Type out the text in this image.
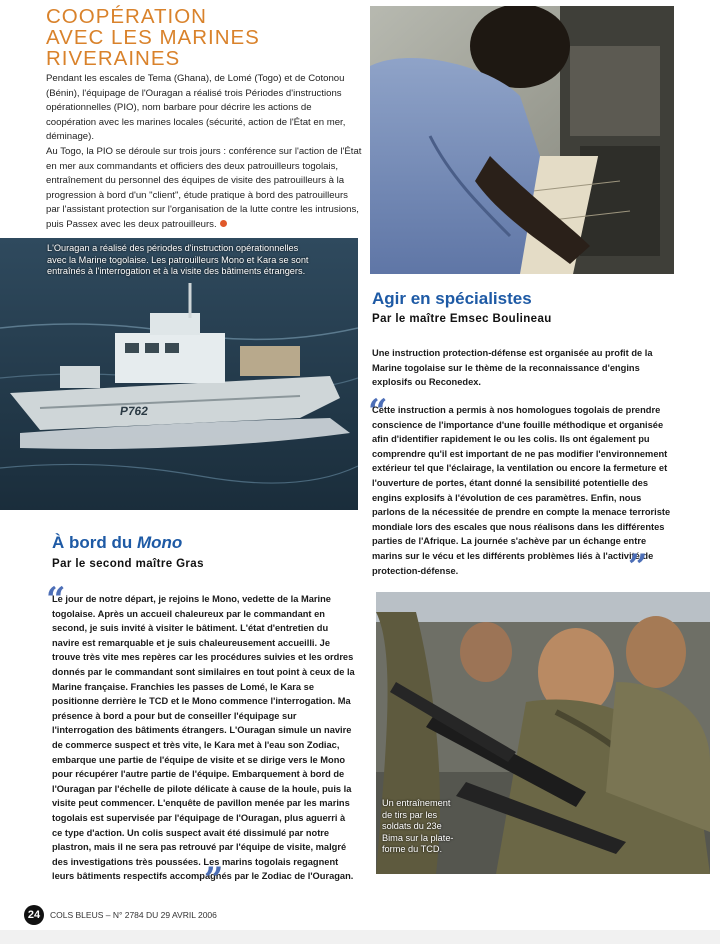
COOPÉRATION
AVEC LES MARINES
RIVERAINES

Pendant les escales de Tema (Ghana), de Lomé (Togo) et de Cotonou (Bénin), l'équipage de l'Ouragan a réalisé trois Périodes d'instructions opérationnelles (PIO), nom barbare pour décrire les actions de coopération avec les marines locales (sécurité, action de l'État en mer, déminage).

Au Togo, la PIO se déroule sur trois jours : conférence sur l'action de l'État en mer aux commandants et officiers des deux patrouilleurs togolais, entraînement du personnel des équipes de visite des patrouilleurs à la progression à bord d'un "client", étude pratique à bord des patrouilleurs par l'assistant protection sur l'organisation de la lutte contre les intrusions, puis Passex avec les deux patrouilleurs.

L'Ouragan a réalisé des périodes d'instruction opérationnelles avec la Marine togolaise. Les patrouilleurs Mono et Kara se sont entraînés à l'interrogation et à la visite des bâtiments étrangers.
P762
Agir en spécialistes
Par le maître Emsec Boulineau
Une instruction protection-défense est organisée au profit de la Marine togolaise sur le thème de la reconnaissance d'engins explosifs ou Reconedex.
“
Cette instruction a permis à nos homologues togolais de prendre conscience de l'importance d'une fouille méthodique et organisée afin d'identifier rapidement le ou les colis. Ils ont également pu comprendre qu'il est important de ne pas modifier l'environnement extérieur tel que l'éclairage, la ventilation ou encore la fermeture et l'ouverture de portes, étant donné la sensibilité potentielle des engins explosifs à l'évolution de ces paramètres. Enfin, nous parlons de la nécessitée de prendre en compte la menace terroriste mondiale lors des escales que nous réalisons dans les différentes parties de l'Afrique. La journée s'achève par un échange entre marins sur le vécu et les différents problèmes liés à l'activité de protection-défense.	”
À bord du Mono
Par le second maître Gras
“
Le jour de notre départ, je rejoins le Mono, vedette de la Marine togolaise. Après un accueil chaleureux par le commandant en second, je suis invité à visiter le bâtiment. L'état d'entretien du navire est remarquable et je suis chaleureusement accueilli. Je trouve très vite mes repères car les procédures suivies et les ordres donnés par le commandant sont similaires en tout point à ceux de la Marine française. Franchies les passes de Lomé, le Kara se positionne derrière le TCD et le Mono commence l'interrogation. Ma présence à bord a pour but de conseiller l'équipage sur l'interrogation des bâtiments étrangers. L'Ouragan simule un navire de commerce suspect et très vite, le Kara met à l'eau son Zodiac, embarque une partie de l'équipe de visite et se dirige vers le Mono pour récupérer l'autre partie de l'équipe. Embarquement à bord de l'Ouragan par l'échelle de pilote délicate à cause de la houle, puis la visite peut commencer. L'enquête de pavillon menée par les marins togolais est supervisée par l'équipage de l'Ouragan, plus aguerri à ce type d'action. Un colis suspect avait été dissimulé par notre plastron, mais il ne sera pas retrouvé par l'équipe de visite, malgré des investigations très poussées. Les marins togolais regagnent leurs bâtiments respectifs accompagnés par le Zodiac de l'Ouragan.
”
Un entraînement de tirs par les soldats du 23e Bima sur la plate-forme du TCD.
24 COLS BLEUS – N° 2784 DU 29 AVRIL 2006
